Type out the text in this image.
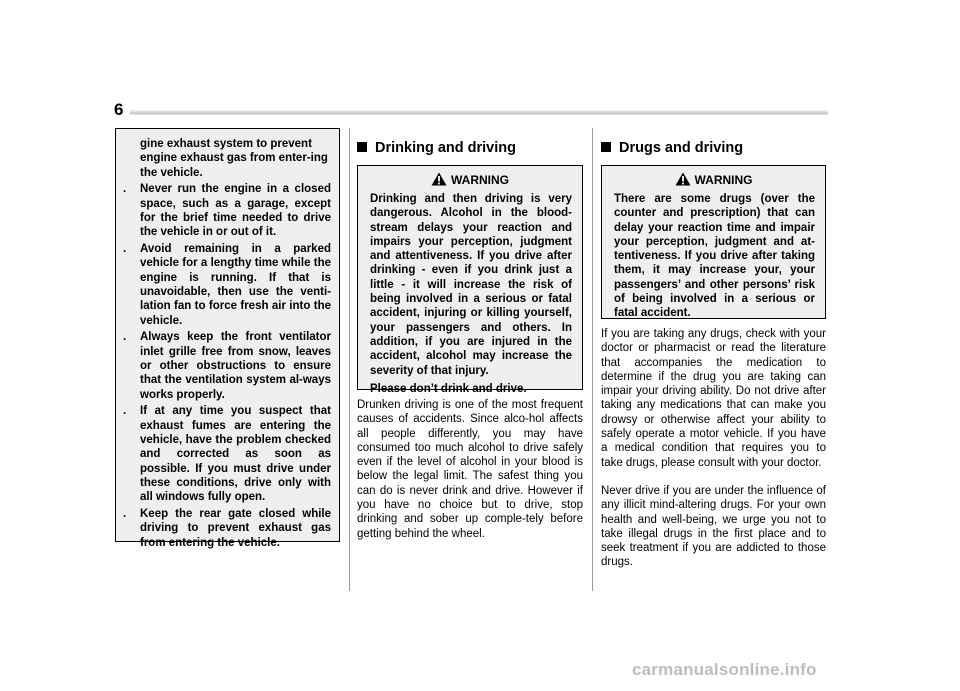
6
gine exhaust system to prevent engine exhaust gas from enter-ing the vehicle.
. Never run the engine in a closed space, such as a garage, except for the brief time needed to drive the vehicle in or out of it.
. Avoid remaining in a parked vehicle for a lengthy time while the engine is running. If that is unavoidable, then use the venti-lation fan to force fresh air into the vehicle.
. Always keep the front ventilator inlet grille free from snow, leaves or other obstructions to ensure that the ventilation system al-ways works properly.
. If at any time you suspect that exhaust fumes are entering the vehicle, have the problem checked and corrected as soon as possible. If you must drive under these conditions, drive only with all windows fully open.
. Keep the rear gate closed while driving to prevent exhaust gas from entering the vehicle.
Drinking and driving
WARNING

Drinking and then driving is very dangerous. Alcohol in the blood-stream delays your reaction and impairs your perception, judgment and attentiveness. If you drive after drinking - even if you drink just a little - it will increase the risk of being involved in a serious or fatal accident, injuring or killing yourself, your passengers and others. In addition, if you are injured in the accident, alcohol may increase the severity of that injury.

Please don’t drink and drive.

Drunken driving is one of the most frequent causes of accidents. Since alco-hol affects all people differently, you may have consumed too much alcohol to drive safely even if the level of alcohol in your blood is below the legal limit. The safest thing you can do is never drink and drive. However if you have no choice but to drive, stop drinking and sober up comple-tely before getting behind the wheel.

Drugs and driving
WARNING

There are some drugs (over the counter and prescription) that can delay your reaction time and impair your perception, judgment and at-tentiveness. If you drive after taking them, it may increase your, your passengers’ and other persons’ risk of being involved in a serious or fatal accident.

If you are taking any drugs, check with your doctor or pharmacist or read the literature that accompanies the medication to determine if the drug you are taking can impair your driving ability. Do not drive after taking any medications that can make you drowsy or otherwise affect your ability to safely operate a motor vehicle. If you have a medical condition that requires you to take drugs, please consult with your doctor.

Never drive if you are under the influence of any illicit mind-altering drugs. For your own health and well-being, we urge you not to take illegal drugs in the first place and to seek treatment if you are addicted to those drugs.

carmanualsonline.info
